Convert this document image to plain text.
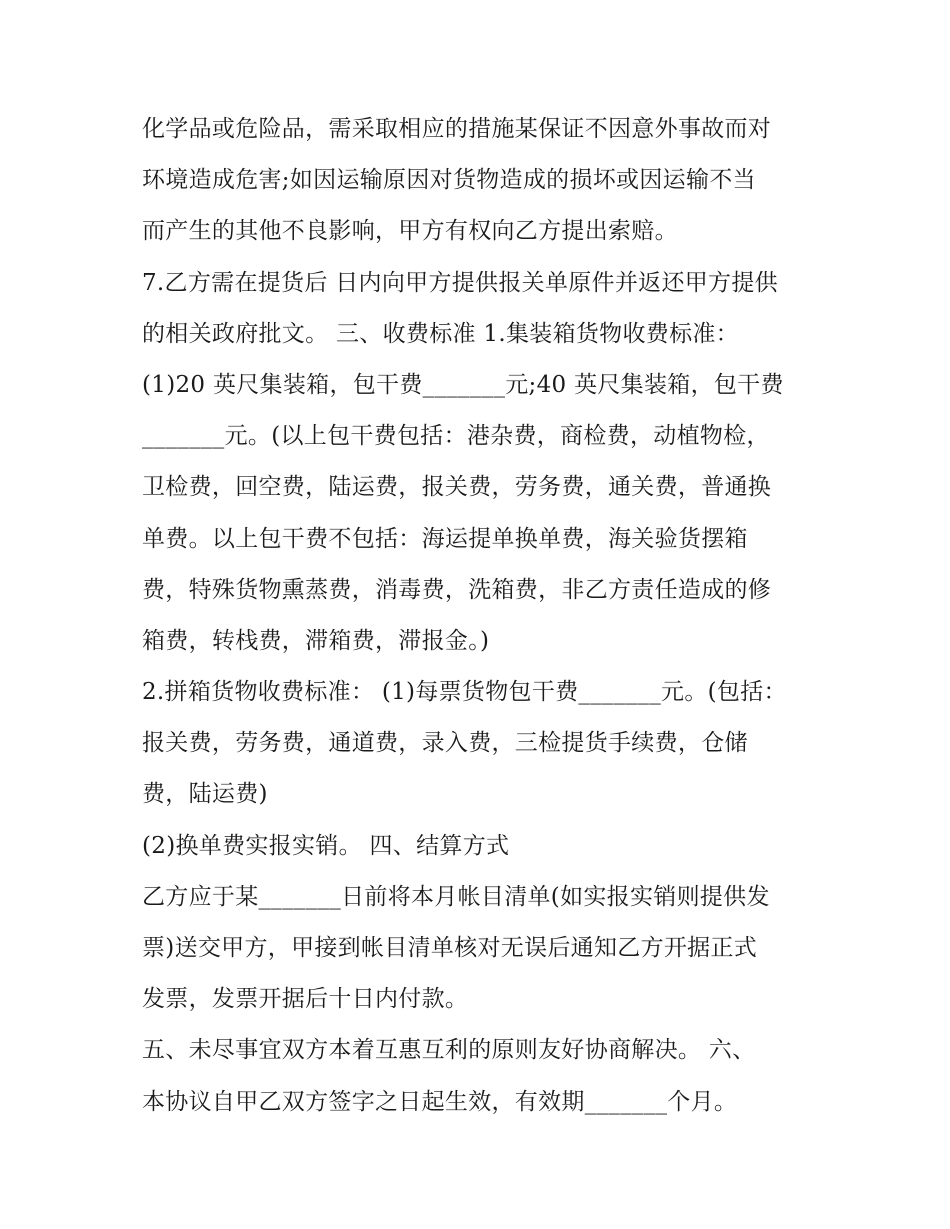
化学品或危险品，需采取相应的措施某保证不因意外事故而对
环境造成危害;如因运输原因对货物造成的损坏或因运输不当
而产生的其他不良影响，甲方有权向乙方提出索赔。
7.乙方需在提货后 日内向甲方提供报关单原件并返还甲方提供
的相关政府批文。 三、收费标准 1.集装箱货物收费标准：
(1)20 英尺集装箱，包干费_______元;40 英尺集装箱，包干费
_______元。(以上包干费包括：港杂费，商检费，动植物检，
卫检费，回空费，陆运费，报关费，劳务费，通关费，普通换
单费。以上包干费不包括：海运提单换单费，海关验货摆箱
费，特殊货物熏蒸费，消毒费，洗箱费，非乙方责任造成的修
箱费，转栈费，滞箱费，滞报金。)
2.拼箱货物收费标准： (1)每票货物包干费_______元。(包括：
报关费，劳务费，通道费，录入费，三检提货手续费，仓储
费，陆运费)
(2)换单费实报实销。 四、结算方式
乙方应于某_______日前将本月帐目清单(如实报实销则提供发
票)送交甲方，甲接到帐目清单核对无误后通知乙方开据正式
发票，发票开据后十日内付款。
五、未尽事宜双方本着互惠互利的原则友好协商解决。 六、
本协议自甲乙双方签字之日起生效，有效期_______个月。
